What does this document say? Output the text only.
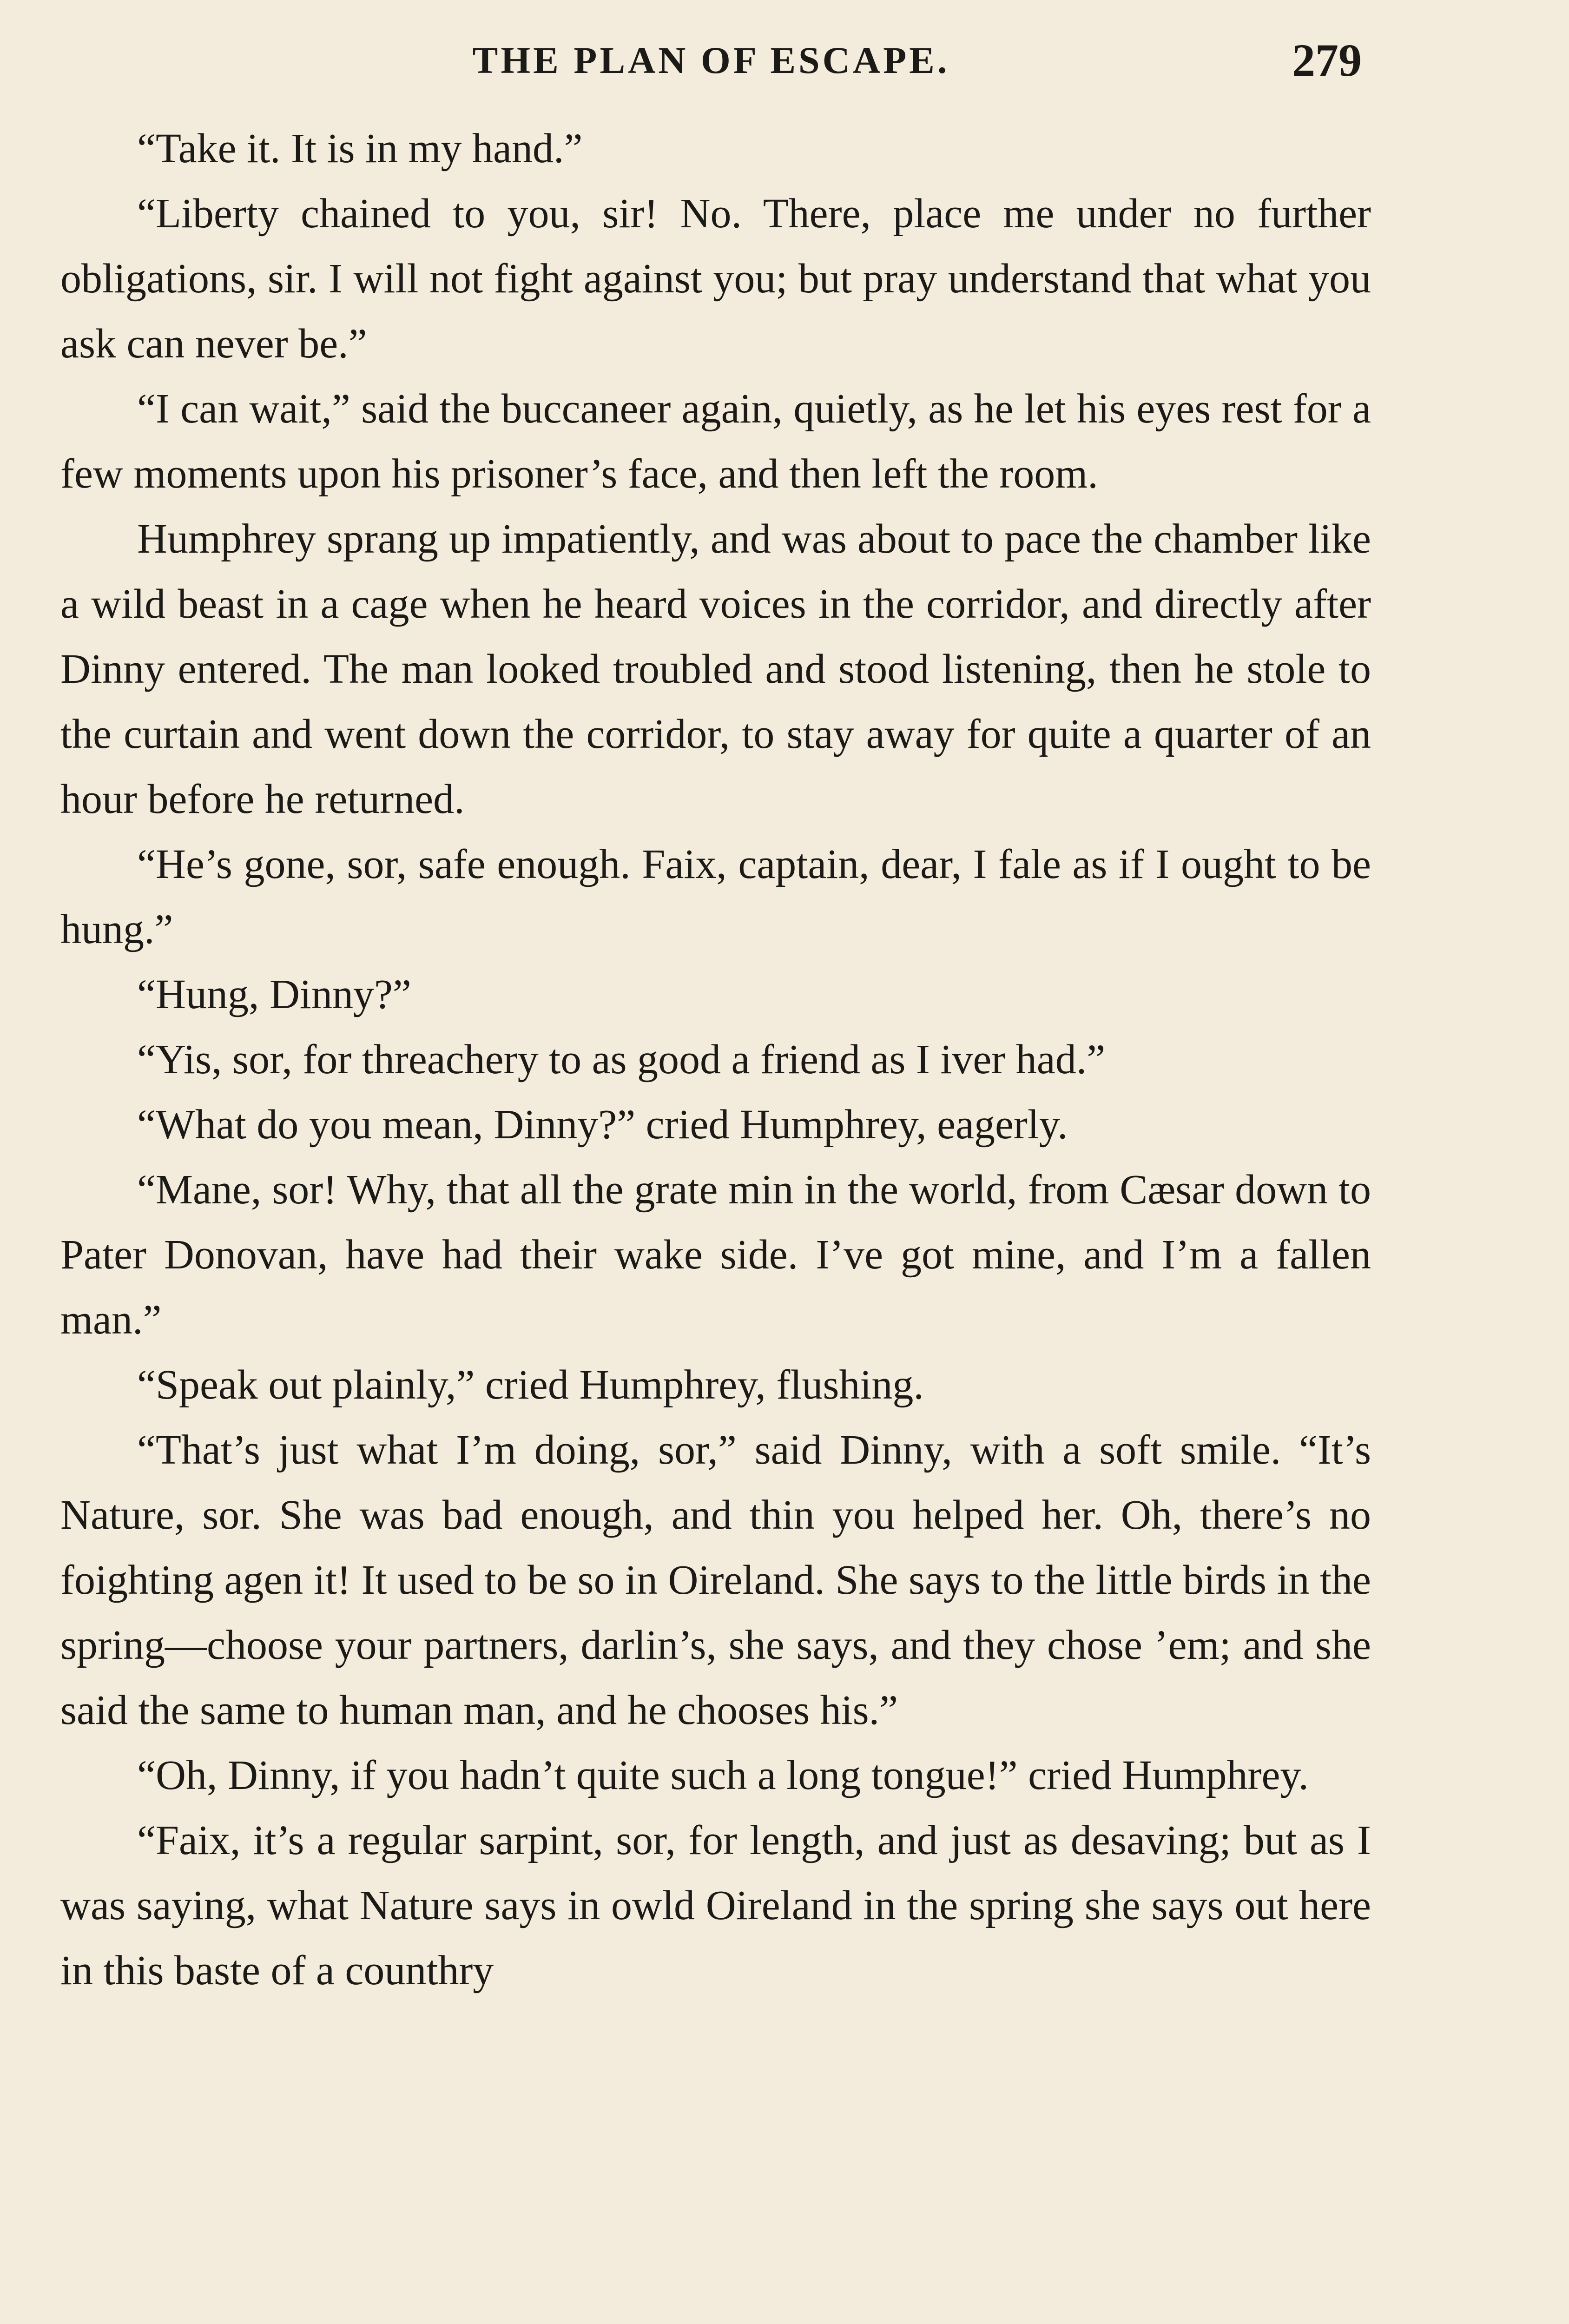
THE PLAN OF ESCAPE.	279

“Take it. It is in my hand.”

“Liberty chained to you, sir! No. There, place me under no further obligations, sir. I will not fight against you; but pray understand that what you ask can never be.”

“I can wait,” said the buccaneer again, quietly, as he let his eyes rest for a few moments upon his prisoner’s face, and then left the room.

Humphrey sprang up impatiently, and was about to pace the chamber like a wild beast in a cage when he heard voices in the corridor, and directly after Dinny entered. The man looked troubled and stood listening, then he stole to the curtain and went down the corridor, to stay away for quite a quarter of an hour before he returned.

“He’s gone, sor, safe enough. Faix, captain, dear, I fale as if I ought to be hung.”

“Hung, Dinny?”

“Yis, sor, for threachery to as good a friend as I iver had.”

“What do you mean, Dinny?” cried Humphrey, eagerly.

“Mane, sor! Why, that all the grate min in the world, from Cæsar down to Pater Donovan, have had their wake side. I’ve got mine, and I’m a fallen man.”

“Speak out plainly,” cried Humphrey, flushing.

“That’s just what I’m doing, sor,” said Dinny, with a soft smile. “It’s Nature, sor. She was bad enough, and thin you helped her. Oh, there’s no foighting agen it! It used to be so in Oireland. She says to the little birds in the spring—choose your partners, darlin’s, she says, and they chose ’em; and she said the same to human man, and he chooses his.”

“Oh, Dinny, if you hadn’t quite such a long tongue!” cried Humphrey.

“Faix, it’s a regular sarpint, sor, for length, and just as desaving; but as I was saying, what Nature says in owld Oireland in the spring she says out here in this baste of a counthry
